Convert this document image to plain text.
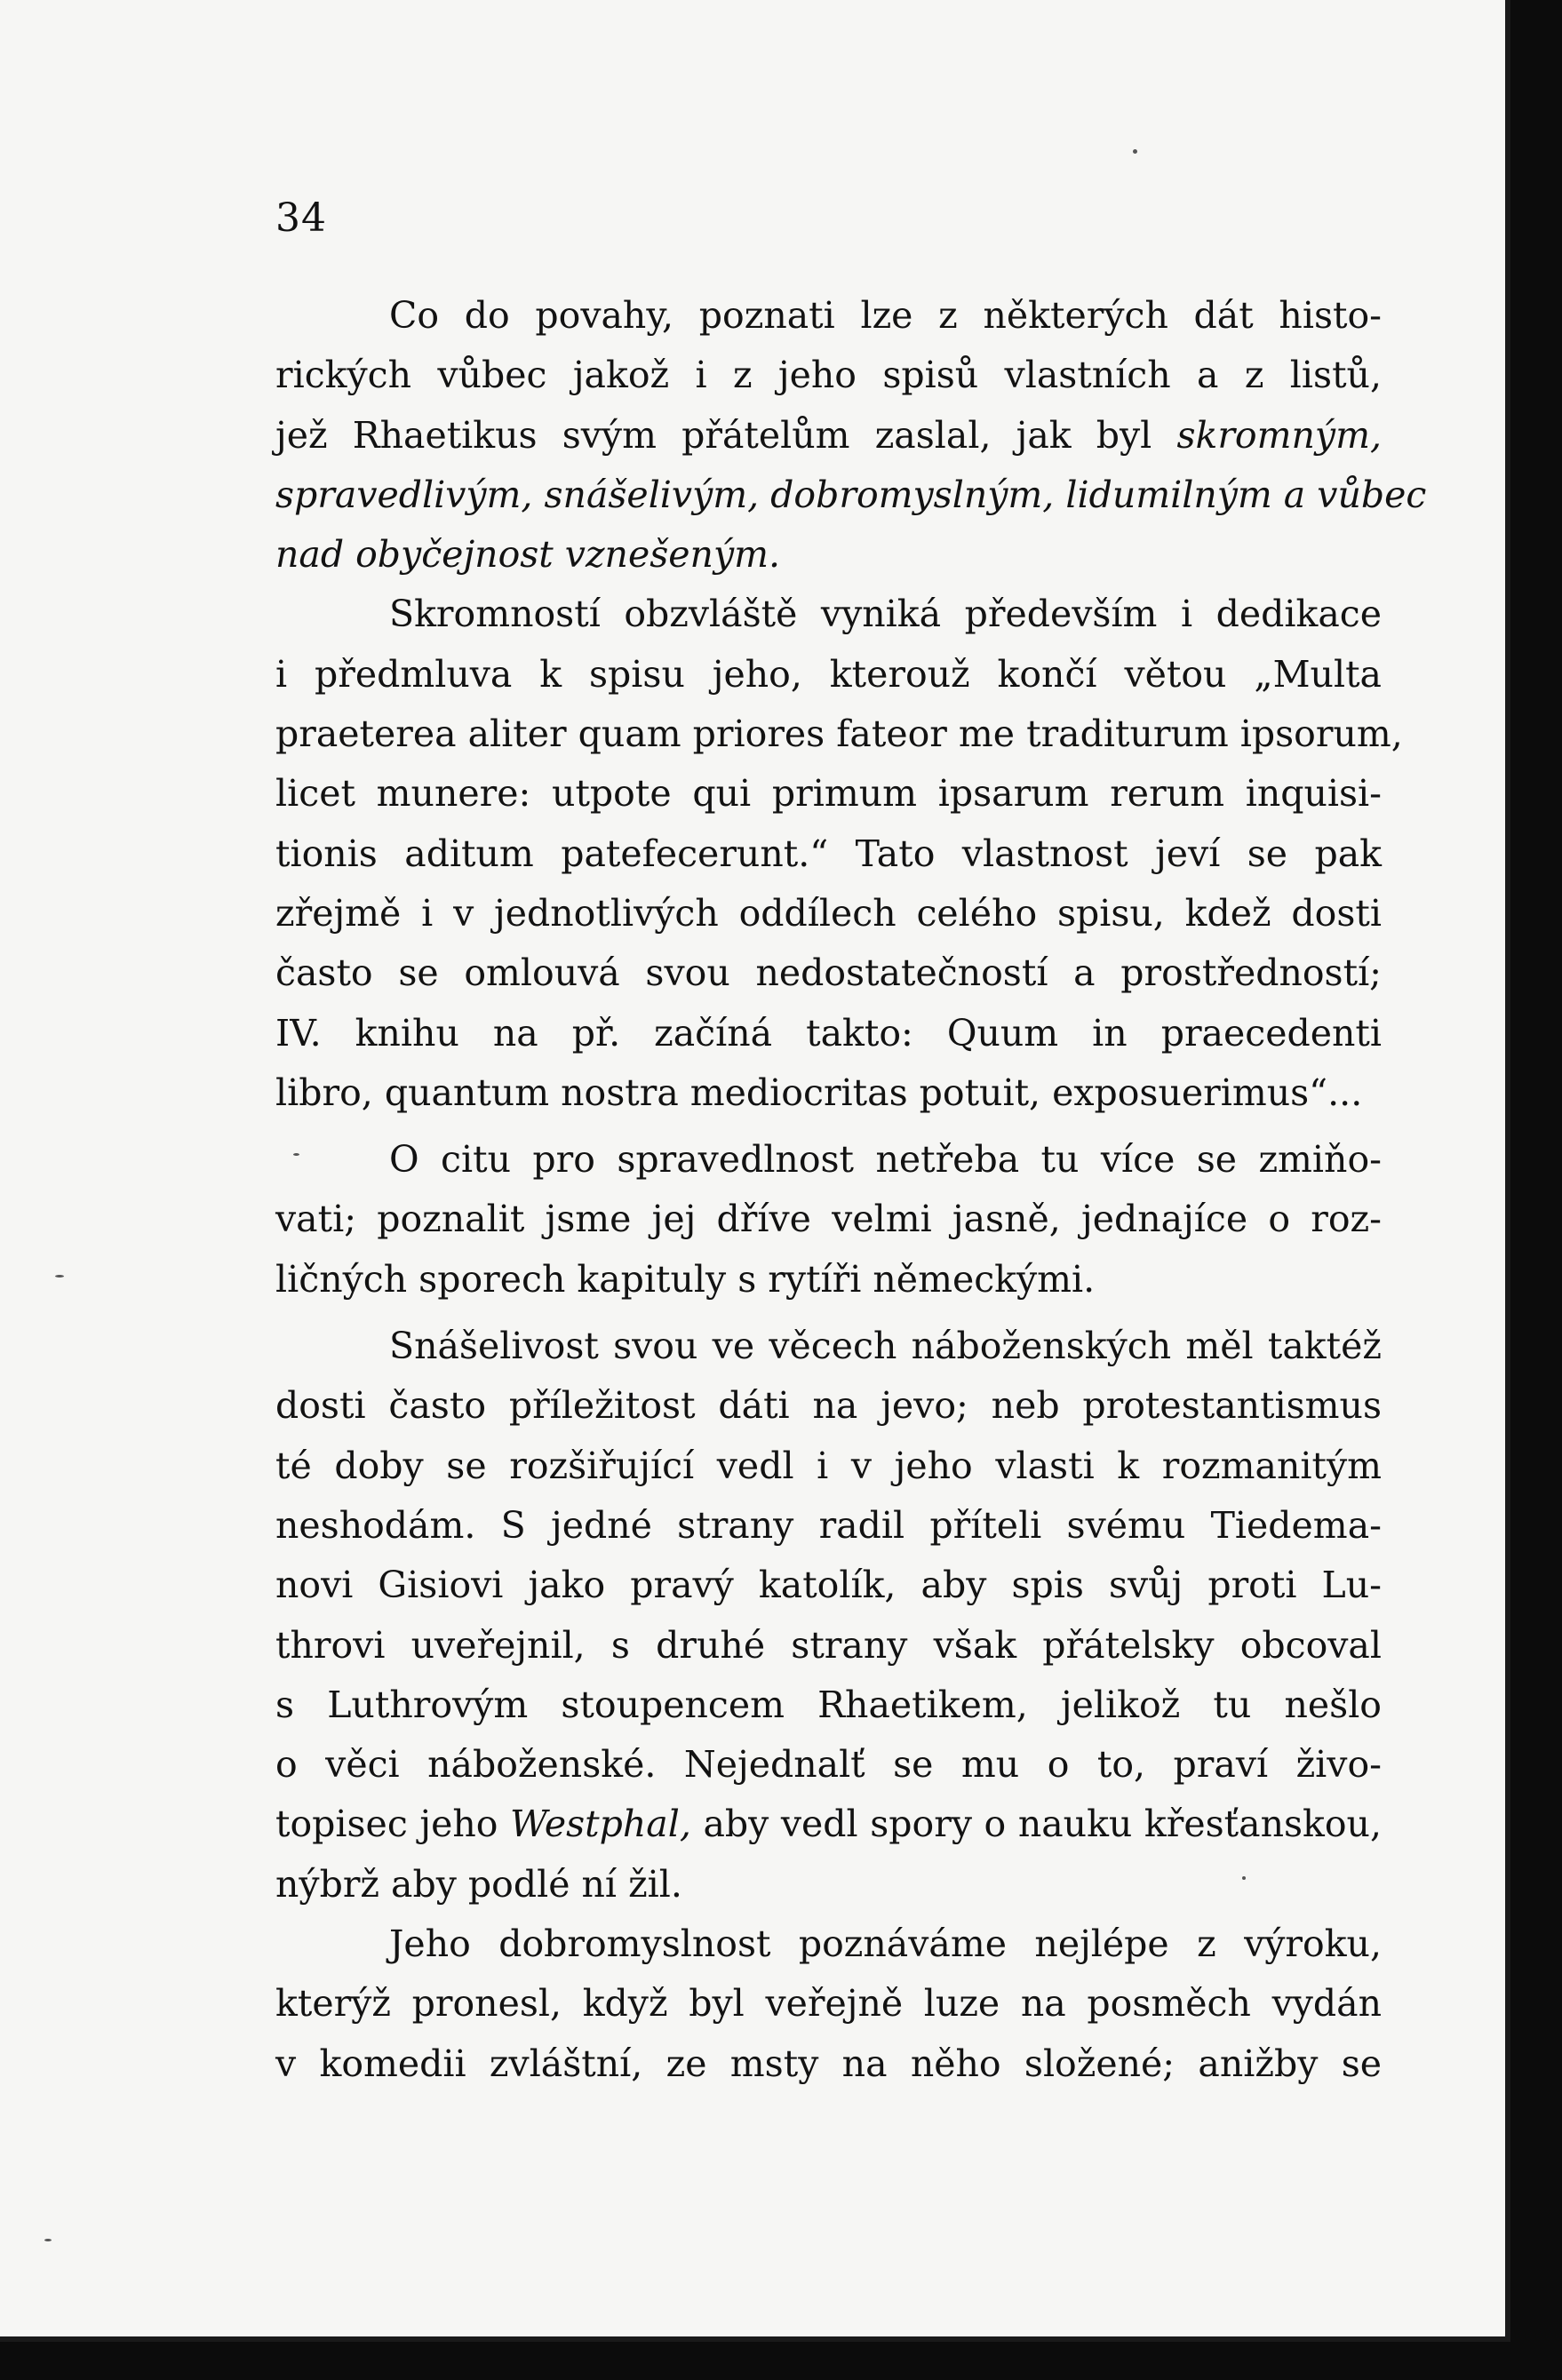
34

Co do povahy, poznati lze z některých dát histo-
rických vůbec jakož i z jeho spisů vlastních a z listů,
jež Rhaetikus svým přátelům zaslal, jak byl skromným,
spravedlivým, snášelivým, dobromyslným, lidumilným a vůbec
nad obyčejnost vznešeným.

Skromností obzvláště vyniká především i dedikace
i předmluva k spisu jeho, kterouž končí větou „Multa
praeterea aliter quam priores fateor me traditurum ipsorum,
licet munere: utpote qui primum ipsarum rerum inquisi-
tionis aditum patefecerunt.“ Tato vlastnost jeví se pak
zřejmě i v jednotlivých oddílech celého spisu, kdež dosti
často se omlouvá svou nedostatečností a prostředností;
IV. knihu na př. začíná takto: Quum in praecedenti
libro, quantum nostra mediocritas potuit, exposuerimus“...

O citu pro spravedlnost netřeba tu více se zmiňo-
vati; poznalit jsme jej dříve velmi jasně, jednajíce o roz-
ličných sporech kapituly s rytíři německými.

Snášelivost svou ve věcech náboženských měl taktéž
dosti často příležitost dáti na jevo; neb protestantismus
té doby se rozšiřující vedl i v jeho vlasti k rozmanitým
neshodám. S jedné strany radil příteli svému Tiedema-
novi Gisiovi jako pravý katolík, aby spis svůj proti Lu-
throvi uveřejnil, s druhé strany však přátelsky obcoval
s Luthrovým stoupencem Rhaetikem, jelikož tu nešlo
o věci náboženské. Nejednalť se mu o to, praví živo-
topisec jeho Westphal, aby vedl spory o nauku křesťanskou,
nýbrž aby podlé ní žil.

Jeho dobromyslnost poznáváme nejlépe z výroku,
kterýž pronesl, když byl veřejně luze na posměch vydán
v komedii zvláštní, ze msty na něho složené; anižby se
